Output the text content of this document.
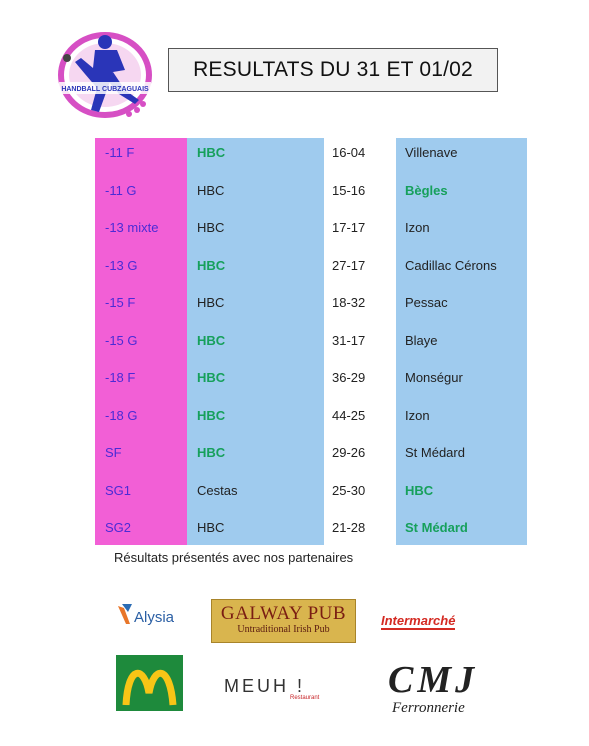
HANDBALL CUBZAGUAIS
RESULTATS DU 31 ET 01/02
-11 F	HBC	16-04	Villenave
-11 G	HBC	15-16	Bègles
-13 mixte	HBC	17-17	Izon
-13 G	HBC	27-17	Cadillac Cérons
-15 F	HBC	18-32	Pessac
-15 G	HBC	31-17	Blaye
-18 F	HBC	36-29	Monségur
-18 G	HBC	44-25	Izon
SF	HBC	29-26	St Médard
SG1	Cestas	25-30	HBC
SG2	HBC	21-28	St Médard
Résultats présentés avec nos partenaires
Alysia	GALWAY PUB
Untraditional Irish Pub
Intermarché
MEUH !
Restaurant	CMJ
Ferronnerie
